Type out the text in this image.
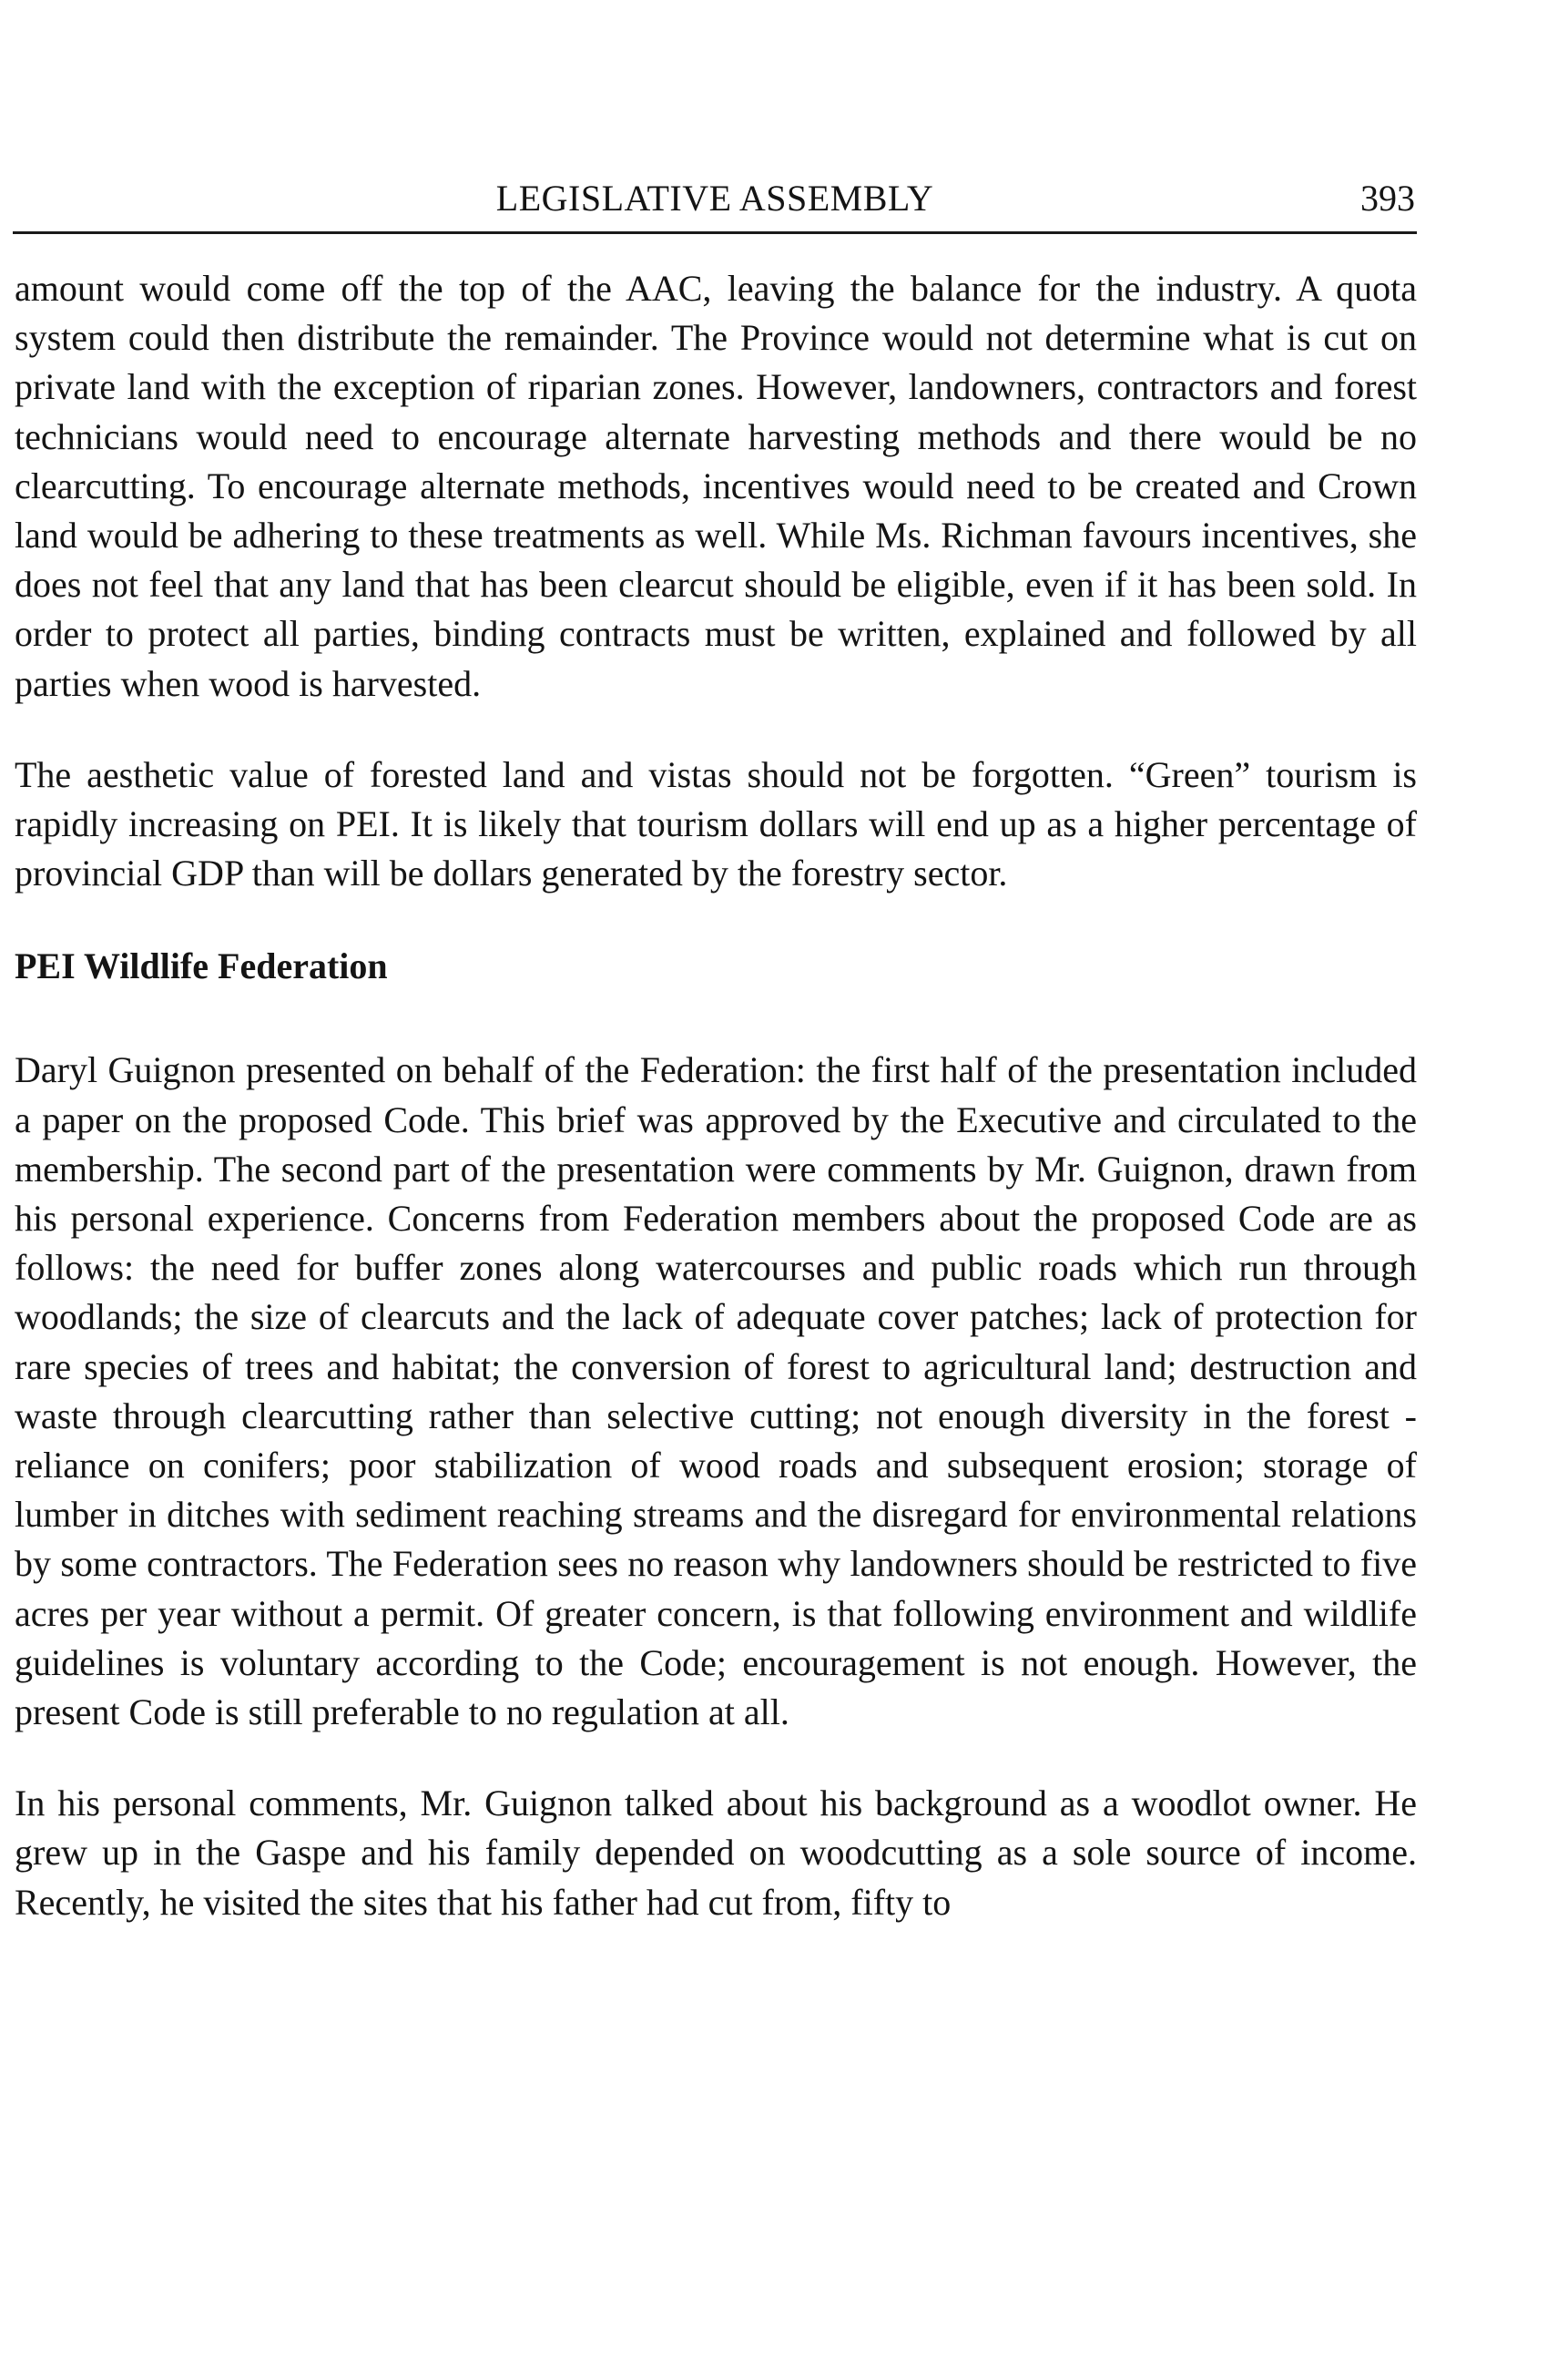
LEGISLATIVE ASSEMBLY	393

amount would come off the top of the AAC, leaving the balance for the industry. A quota system could then distribute the remainder. The Province would not determine what is cut on private land with the exception of riparian zones. However, landowners, contractors and forest technicians would need to encourage alternate harvesting methods and there would be no clearcutting. To encourage alternate methods, incentives would need to be created and Crown land would be adhering to these treatments as well. While Ms. Richman favours incentives, she does not feel that any land that has been clearcut should be eligible, even if it has been sold. In order to protect all parties, binding contracts must be written, explained and followed by all parties when wood is harvested.

The aesthetic value of forested land and vistas should not be forgotten. “Green” tourism is rapidly increasing on PEI. It is likely that tourism dollars will end up as a higher percentage of provincial GDP than will be dollars generated by the forestry sector.

PEI Wildlife Federation

Daryl Guignon presented on behalf of the Federation: the first half of the presentation included a paper on the proposed Code. This brief was approved by the Executive and circulated to the membership. The second part of the presentation were comments by Mr. Guignon, drawn from his personal experience. Concerns from Federation members about the proposed Code are as follows: the need for buffer zones along watercourses and public roads which run through woodlands; the size of clearcuts and the lack of adequate cover patches; lack of protection for rare species of trees and habitat; the conversion of forest to agricultural land; destruction and waste through clearcutting rather than selective cutting; not enough diversity in the forest - reliance on conifers; poor stabilization of wood roads and subsequent erosion; storage of lumber in ditches with sediment reaching streams and the disregard for environmental relations by some contractors. The Federation sees no reason why landowners should be restricted to five acres per year without a permit. Of greater concern, is that following environment and wildlife guidelines is voluntary according to the Code; encouragement is not enough. However, the present Code is still preferable to no regulation at all.

In his personal comments, Mr. Guignon talked about his background as a woodlot owner. He grew up in the Gaspe and his family depended on woodcutting as a sole source of income. Recently, he visited the sites that his father had cut from, fifty to
